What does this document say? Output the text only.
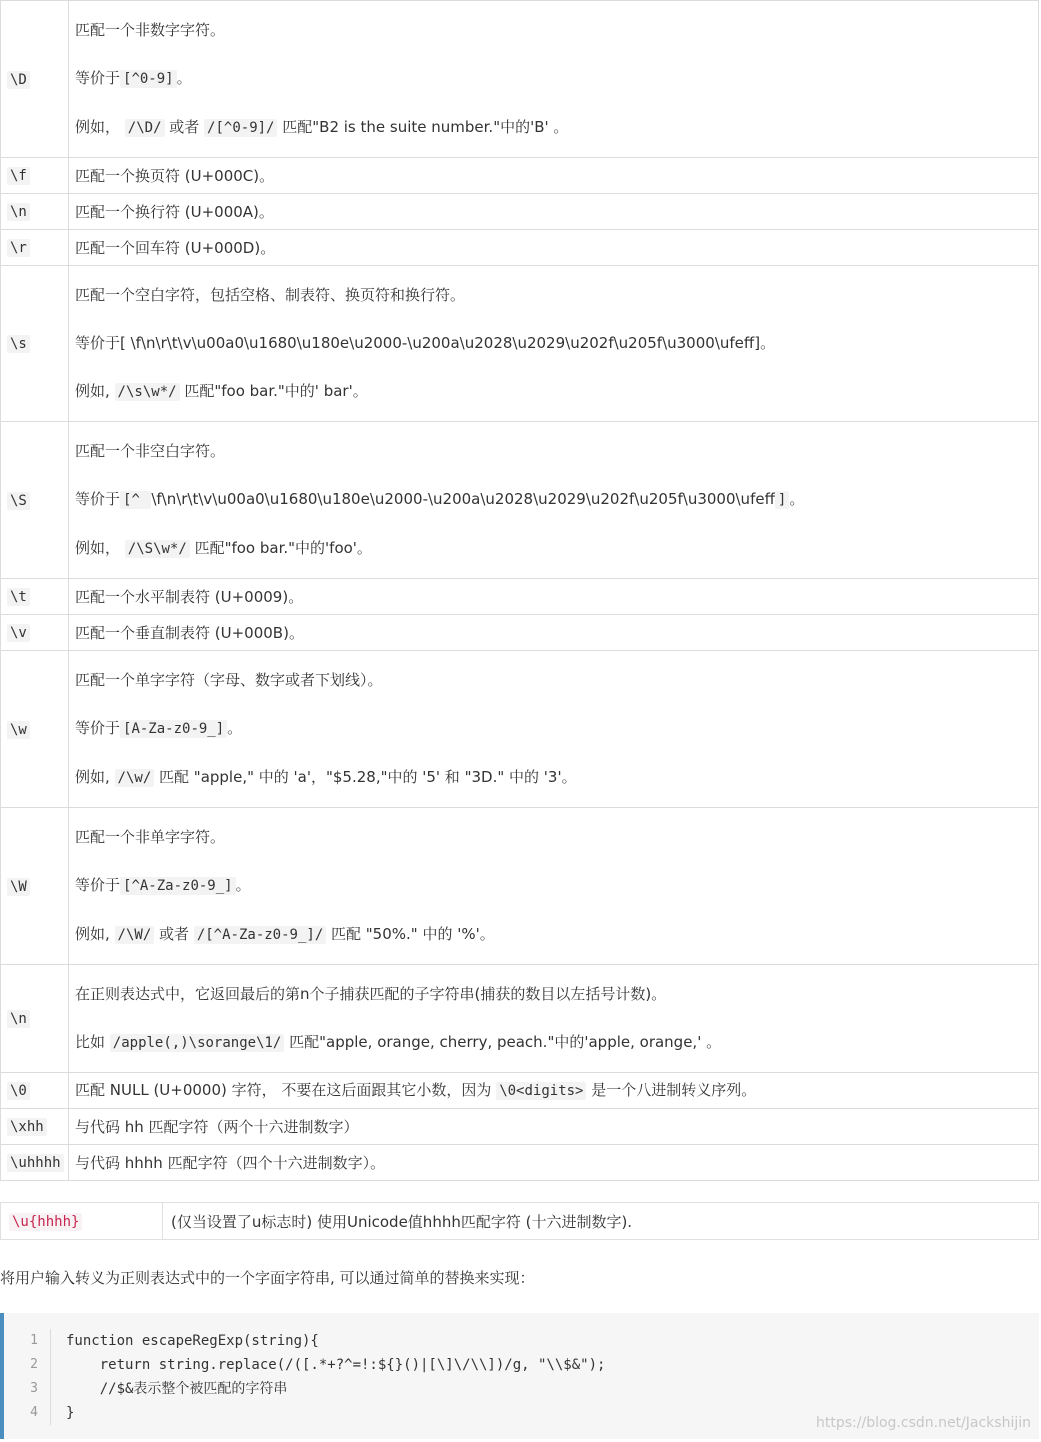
\D	匹配一个非数字字符。

等价于 [^0-9] 。

例如， /\D/ 或者 /[^0-9]/ 匹配"B2 is the suite number."中的'B' 。

\f	匹配一个换页符 (U+000C)。

\n	匹配一个换行符 (U+000A)。

\r	匹配一个回车符 (U+000D)。

\s	匹配一个空白字符，包括空格、制表符、换页符和换行符。

等价于[ \f\n\r\t\v\u00a0\u1680\u180e\u2000-\u200a\u2028\u2029\u202f\u205f\u3000\ufeff]。

例如, /\s\w*/ 匹配"foo bar."中的' bar'。

\S	匹配一个非空白字符。

等价于 [^ \f\n\r\t\v\u00a0\u1680\u180e\u2000-\u200a\u2028\u2029\u202f\u205f\u3000\ufeff ] 。

例如， /\S\w*/ 匹配"foo bar."中的'foo'。

\t	匹配一个水平制表符 (U+0009)。

\v	匹配一个垂直制表符 (U+000B)。

\w	匹配一个单字字符（字母、数字或者下划线）。

等价于 [A-Za-z0-9_] 。

例如, /\w/ 匹配 "apple," 中的 'a'，"$5.28,"中的 '5' 和 "3D." 中的 '3'。

\W	匹配一个非单字字符。

等价于 [^A-Za-z0-9_] 。

例如, /\W/ 或者 /[^A-Za-z0-9_]/ 匹配 "50%." 中的 '%'。

\n	在正则表达式中，它返回最后的第n个子捕获匹配的子字符串(捕获的数目以左括号计数)。

比如 /apple(,)\sorange\1/ 匹配"apple, orange, cherry, peach."中的'apple, orange,' 。

\0	匹配 NULL (U+0000) 字符， 不要在这后面跟其它小数，因为 \0<digits> 是一个八进制转义序列。

\xhh	与代码 hh 匹配字符（两个十六进制数字）

\uhhhh	与代码 hhhh 匹配字符（四个十六进制数字）。

\u{hhhh}	(仅当设置了u标志时) 使用Unicode值hhhh匹配字符 (十六进制数字).
将用户输入转义为正则表达式中的一个字面字符串, 可以通过简单的替换来实现：
1
2
3
4
function escapeRegExp(string){
return string.replace(/([.*+?^=!:${}()|[\]\/\\])/g, "\\$&");
//$&表示整个被匹配的字符串
}
https://blog.csdn.net/Jackshijin
